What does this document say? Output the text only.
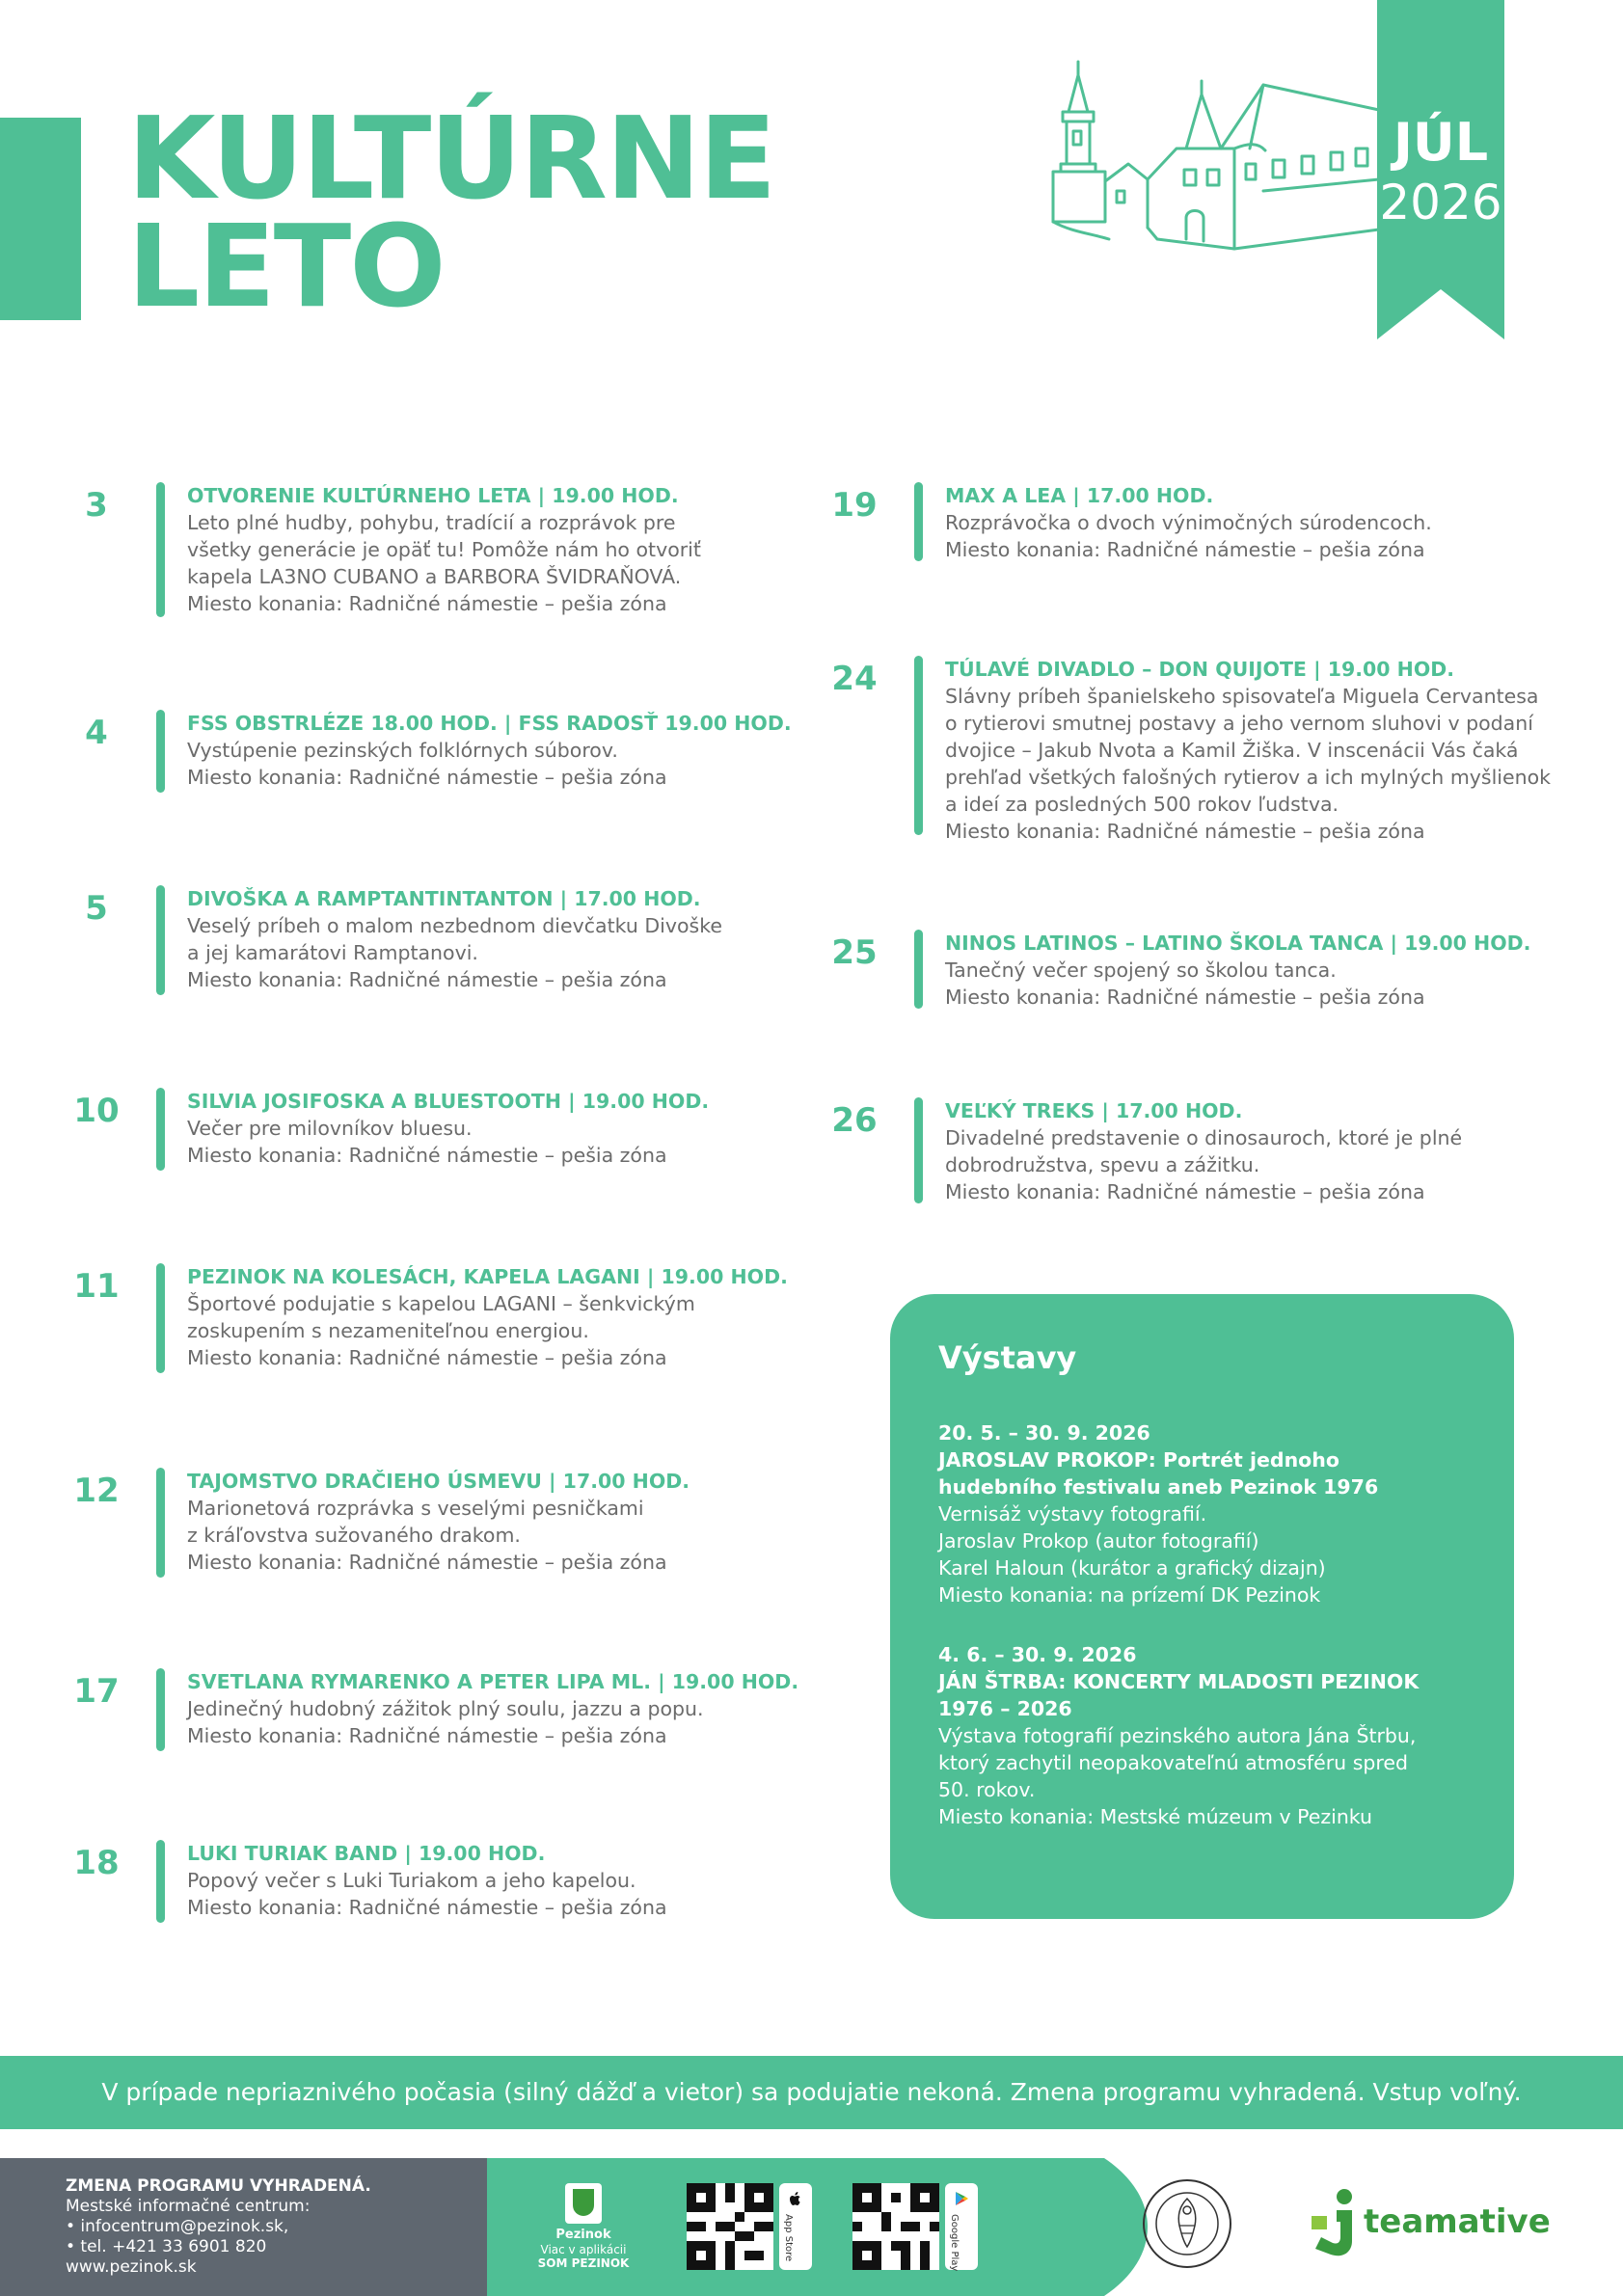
KULTÚRNE
LETO
JÚL
2026
3	OTVORENIE KULTÚRNEHO LETA | 19.00 HOD.
Leto plné hudby, pohybu, tradícií a rozprávok pre
všetky generácie je opäť tu! Pomôže nám ho otvoriť
kapela LA3NO CUBANO a BARBORA ŠVIDRAŇOVÁ.
Miesto konania: Radničné námestie – pešia zóna
4	FSS OBSTRLÉZE 18.00 HOD. | FSS RADOSŤ 19.00 HOD.
Vystúpenie pezinských folklórnych súborov.
Miesto konania: Radničné námestie – pešia zóna
5	DIVOŠKA A RAMPTANTINTANTON | 17.00 HOD.
Veselý príbeh o malom nezbednom dievčatku Divoške
a jej kamarátovi Ramptanovi.
Miesto konania: Radničné námestie – pešia zóna
10	SILVIA JOSIFOSKA A BLUESTOOTH | 19.00 HOD.
Večer pre milovníkov bluesu.
Miesto konania: Radničné námestie – pešia zóna
11	PEZINOK NA KOLESÁCH, KAPELA LAGANI | 19.00 HOD.
Športové podujatie s kapelou LAGANI – šenkvickým
zoskupením s nezameniteľnou energiou.
Miesto konania: Radničné námestie – pešia zóna
12	TAJOMSTVO DRAČIEHO ÚSMEVU | 17.00 HOD.
Marionetová rozprávka s veselými pesničkami
z kráľovstva sužovaného drakom.
Miesto konania: Radničné námestie – pešia zóna
17	SVETLANA RYMARENKO A PETER LIPA ML. | 19.00 HOD.
Jedinečný hudobný zážitok plný soulu, jazzu a popu.
Miesto konania: Radničné námestie – pešia zóna
18	LUKI TURIAK BAND | 19.00 HOD.
Popový večer s Luki Turiakom a jeho kapelou.
Miesto konania: Radničné námestie – pešia zóna
19	MAX A LEA | 17.00 HOD.
Rozprávočka o dvoch výnimočných súrodencoch.
Miesto konania: Radničné námestie – pešia zóna
24	TÚLAVÉ DIVADLO – DON QUIJOTE | 19.00 HOD.
Slávny príbeh španielskeho spisovateľa Miguela Cervantesa
o rytierovi smutnej postavy a jeho vernom sluhovi v podaní
dvojice – Jakub Nvota a Kamil Žiška. V inscenácii Vás čaká
prehľad všetkých falošných rytierov a ich mylných myšlienok
a ideí za posledných 500 rokov ľudstva.
Miesto konania: Radničné námestie – pešia zóna
25	NINOS LATINOS – LATINO ŠKOLA TANCA | 19.00 HOD.
Tanečný večer spojený so školou tanca.
Miesto konania: Radničné námestie – pešia zóna
26	VEĽKÝ TREKS | 17.00 HOD.
Divadelné predstavenie o dinosauroch, ktoré je plné
dobrodružstva, spevu a zážitku.
Miesto konania: Radničné námestie – pešia zóna
Výstavy
20. 5. – 30. 9. 2026
JAROSLAV PROKOP: Portrét jednoho
hudebního festivalu aneb Pezinok 1976
Vernisáž výstavy fotografií.
Jaroslav Prokop (autor fotografií)
Karel Haloun (kurátor a grafický dizajn)
Miesto konania: na prízemí DK Pezinok
4. 6. – 30. 9. 2026
JÁN ŠTRBA: KONCERTY MLADOSTI PEZINOK
1976 – 2026
Výstava fotografií pezinského autora Jána Štrbu,
ktorý zachytil neopakovateľnú atmosféru spred
50. rokov.
Miesto konania: Mestské múzeum v Pezinku
V prípade nepriaznivého počasia (silný dážď a vietor) sa podujatie nekoná. Zmena programu vyhradená. Vstup voľný.
ZMENA PROGRAMU VYHRADENÁ.
Mestské informačné centrum:
• infocentrum@pezinok.sk,
• tel. +421 33 6901 820
www.pezinok.sk
Pezinok
Viac v aplikácii
SOM PEZINOK
App Store	Google Play	teamative
